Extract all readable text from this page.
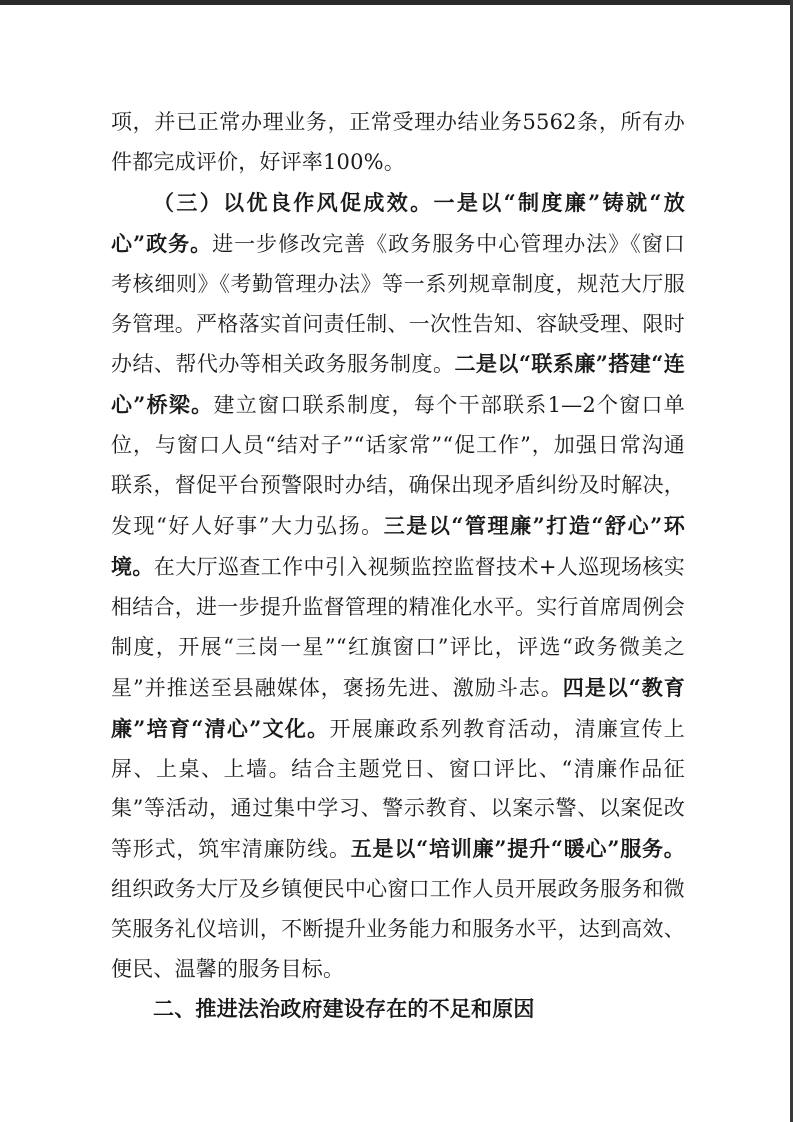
项，并已正常办理业务，正常受理办结业务5562条，所有办件都完成评价，好评率100%。

（三）以优良作风促成效。一是以“制度廉”铸就“放心”政务。进一步修改完善《政务服务中心管理办法》《窗口考核细则》《考勤管理办法》等一系列规章制度，规范大厅服务管理。严格落实首问责任制、一次性告知、容缺受理、限时办结、帮代办等相关政务服务制度。二是以“联系廉”搭建“连心”桥梁。建立窗口联系制度，每个干部联系1—2个窗口单位，与窗口人员“结对子”“话家常”“促工作”，加强日常沟通联系，督促平台预警限时办结，确保出现矛盾纠纷及时解决，发现“好人好事”大力弘扬。三是以“管理廉”打造“舒心”环境。在大厅巡查工作中引入视频监控监督技术+人巡现场核实相结合，进一步提升监督管理的精准化水平。实行首席周例会制度，开展“三岗一星”“红旗窗口”评比，评选“政务微美之星”并推送至县融媒体，褒扬先进、激励斗志。四是以“教育廉”培育“清心”文化。开展廉政系列教育活动，清廉宣传上屏、上桌、上墙。结合主题党日、窗口评比、“清廉作品征集”等活动，通过集中学习、警示教育、以案示警、以案促改等形式，筑牢清廉防线。五是以“培训廉”提升“暖心”服务。组织政务大厅及乡镇便民中心窗口工作人员开展政务服务和微笑服务礼仪培训，不断提升业务能力和服务水平，达到高效、便民、温馨的服务目标。

二、推进法治政府建设存在的不足和原因
